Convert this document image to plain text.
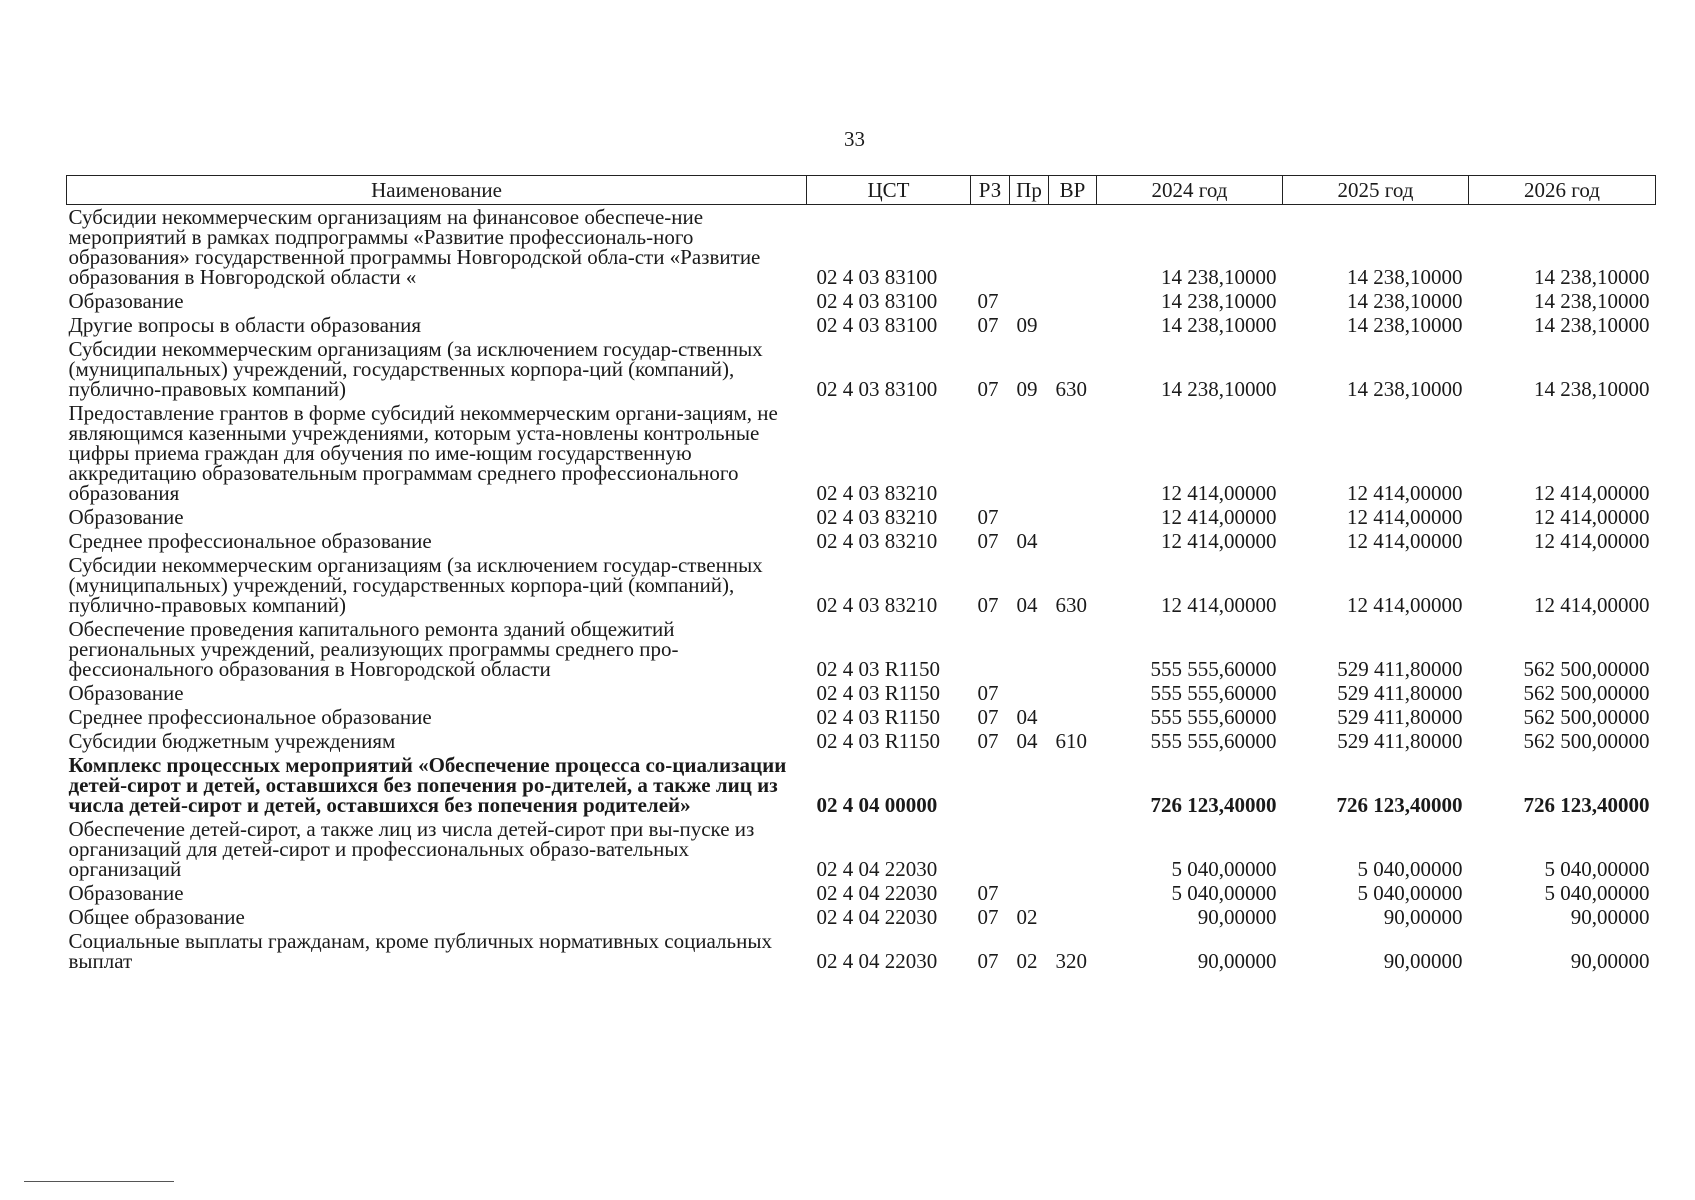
33
Наименование	ЦСТ	РЗ	Пр	ВР	2024 год	2025 год	2026 год
Субсидии некоммерческим организациям на финансовое обеспече-ние мероприятий в рамках подпрограммы «Развитие профессиональ-ного образования» государственной программы Новгородской обла-сти «Развитие образования в Новгородской области «	02 4 03 83100				14 238,10000	14 238,10000	14 238,10000
Образование	02 4 03 83100	07			14 238,10000	14 238,10000	14 238,10000
Другие вопросы в области образования	02 4 03 83100	07	09		14 238,10000	14 238,10000	14 238,10000
Субсидии некоммерческим организациям (за исключением государ-ственных (муниципальных) учреждений, государственных корпора-ций (компаний), публично-правовых компаний)	02 4 03 83100	07	09	630	14 238,10000	14 238,10000	14 238,10000
Предоставление грантов в форме субсидий некоммерческим органи-зациям, не являющимся казенными учреждениями, которым уста-новлены контрольные цифры приема граждан для обучения по име-ющим государственную аккредитацию образовательным программам среднего профессионального образования	02 4 03 83210				12 414,00000	12 414,00000	12 414,00000
Образование	02 4 03 83210	07			12 414,00000	12 414,00000	12 414,00000
Среднее профессиональное образование	02 4 03 83210	07	04		12 414,00000	12 414,00000	12 414,00000
Субсидии некоммерческим организациям (за исключением государ-ственных (муниципальных) учреждений, государственных корпора-ций (компаний), публично-правовых компаний)	02 4 03 83210	07	04	630	12 414,00000	12 414,00000	12 414,00000
Обеспечение проведения капитального ремонта зданий общежитий региональных учреждений, реализующих программы среднего про-фессионального образования в Новгородской области	02 4 03 R1150				555 555,60000	529 411,80000	562 500,00000
Образование	02 4 03 R1150	07			555 555,60000	529 411,80000	562 500,00000
Среднее профессиональное образование	02 4 03 R1150	07	04		555 555,60000	529 411,80000	562 500,00000
Субсидии бюджетным учреждениям	02 4 03 R1150	07	04	610	555 555,60000	529 411,80000	562 500,00000
Комплекс процессных мероприятий «Обеспечение процесса со-циализации детей-сирот и детей, оставшихся без попечения ро-дителей, а также лиц из числа детей-сирот и детей, оставшихся без попечения родителей»	02 4 04 00000				726 123,40000	726 123,40000	726 123,40000
Обеспечение детей-сирот, а также лиц из числа детей-сирот при вы-пуске из организаций для детей-сирот и профессиональных образо-вательных организаций	02 4 04 22030				5 040,00000	5 040,00000	5 040,00000
Образование	02 4 04 22030	07			5 040,00000	5 040,00000	5 040,00000
Общее образование	02 4 04 22030	07	02		90,00000	90,00000	90,00000
Социальные выплаты гражданам, кроме публичных нормативных социальных выплат	02 4 04 22030	07	02	320	90,00000	90,00000	90,00000
